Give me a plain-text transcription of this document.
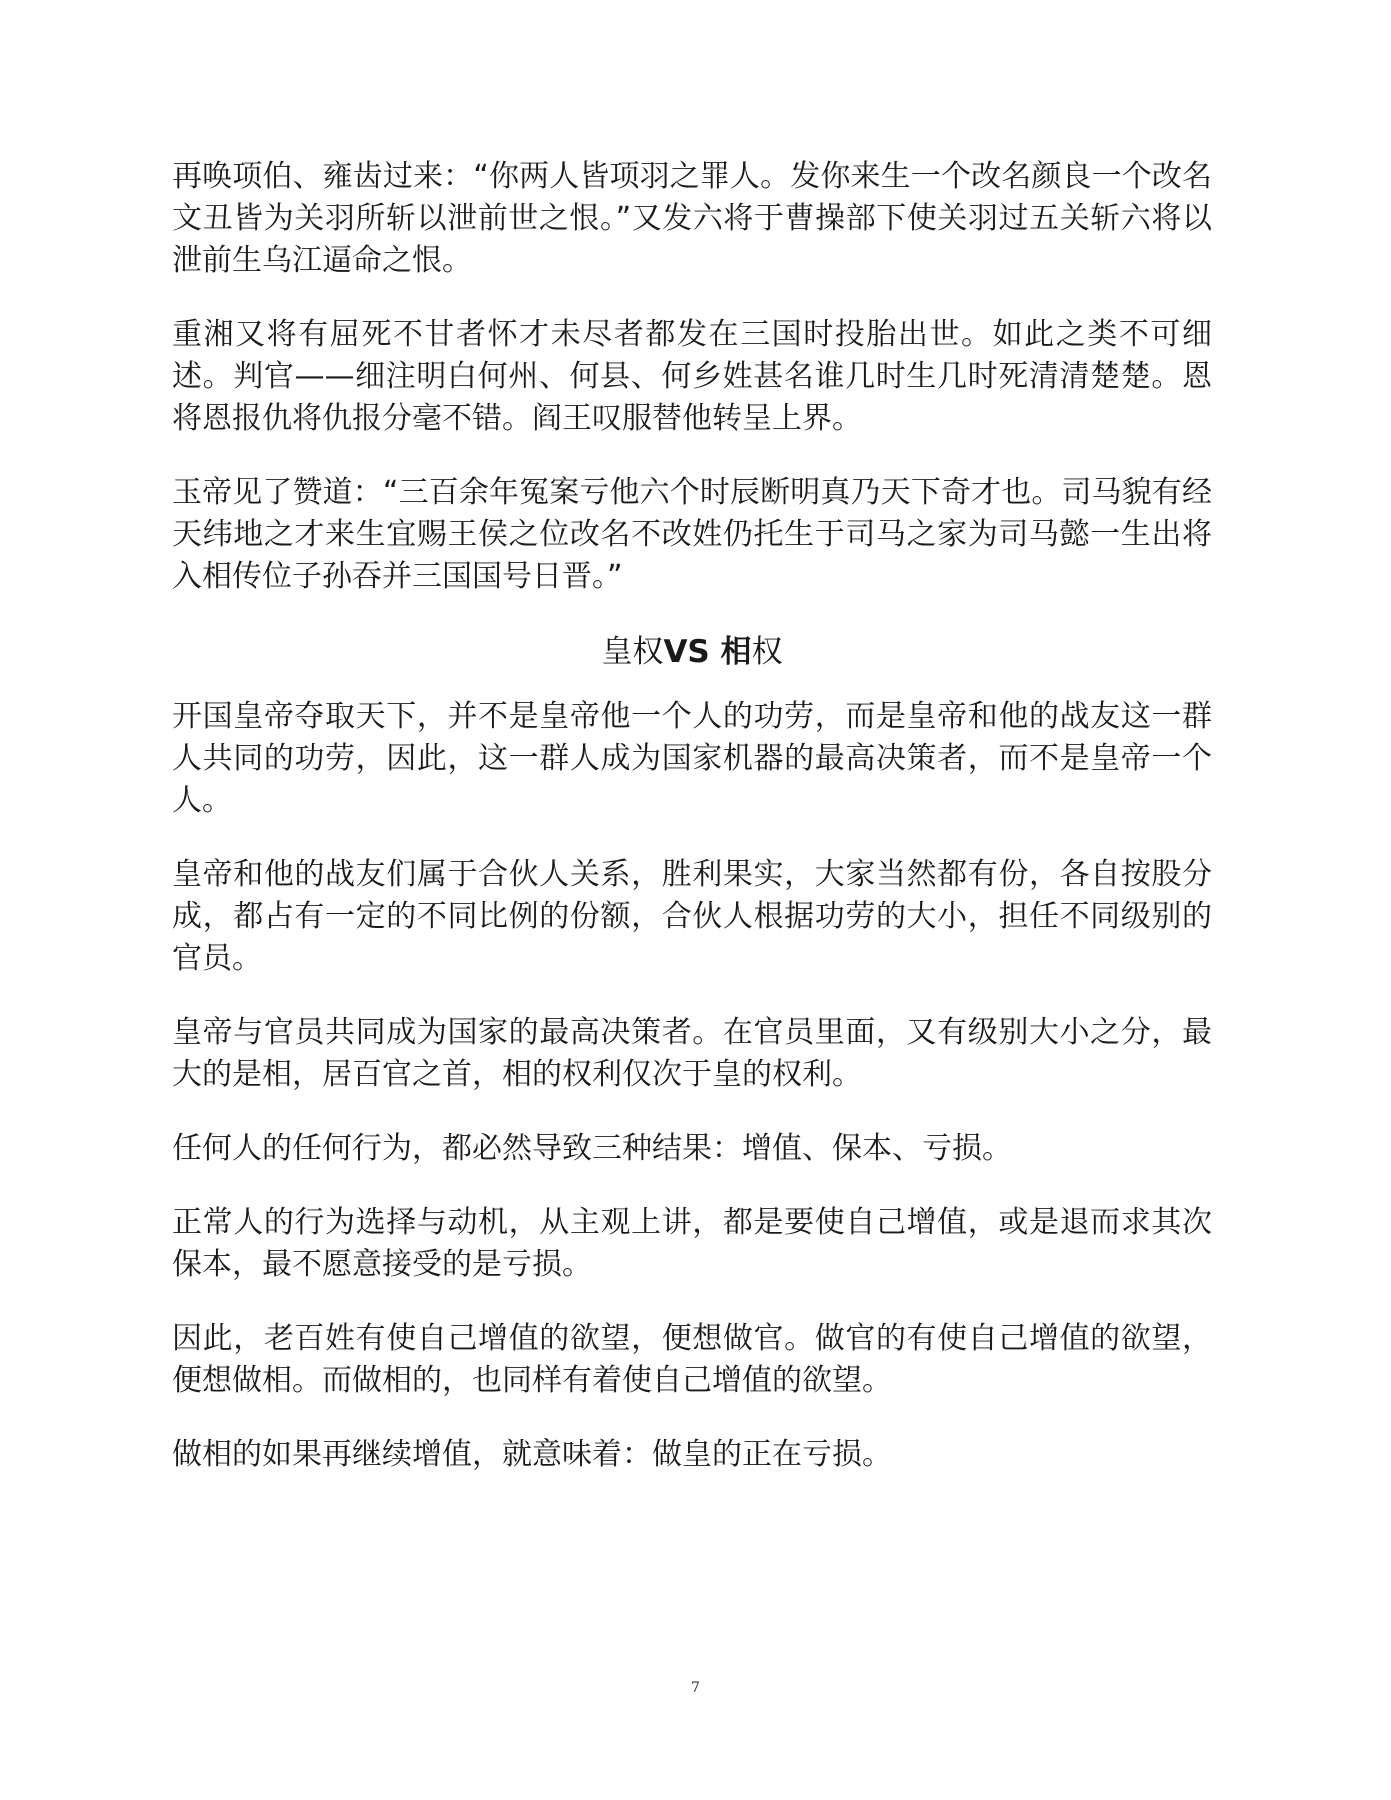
再唤项伯、雍齿过来：“你两人皆项羽之罪人。发你来生一个改名颜良一个改名文丑皆为关羽所斩以泄前世之恨。”又发六将于曹操部下使关羽过五关斩六将以泄前生乌江逼命之恨。

重湘又将有屈死不甘者怀才未尽者都发在三国时投胎出世。如此之类不可细述。判官——细注明白何州、何县、何乡姓甚名谁几时生几时死清清楚楚。恩将恩报仇将仇报分毫不错。阎王叹服替他转呈上界。

玉帝见了赞道：“三百余年冤案亏他六个时辰断明真乃天下奇才也。司马貌有经天纬地之才来生宜赐王侯之位改名不改姓仍托生于司马之家为司马懿一生出将入相传位子孙吞并三国国号日晋。”

皇权VS 相权

开国皇帝夺取天下，并不是皇帝他一个人的功劳，而是皇帝和他的战友这一群人共同的功劳，因此，这一群人成为国家机器的最高决策者，而不是皇帝一个人。

皇帝和他的战友们属于合伙人关系，胜利果实，大家当然都有份，各自按股分成，都占有一定的不同比例的份额，合伙人根据功劳的大小，担任不同级别的官员。

皇帝与官员共同成为国家的最高决策者。在官员里面，又有级别大小之分，最大的是相，居百官之首，相的权利仅次于皇的权利。

任何人的任何行为，都必然导致三种结果：增值、保本、亏损。

正常人的行为选择与动机，从主观上讲，都是要使自己增值，或是退而求其次保本，最不愿意接受的是亏损。

因此，老百姓有使自己增值的欲望，便想做官。做官的有使自己增值的欲望，便想做相。而做相的，也同样有着使自己增值的欲望。

做相的如果再继续增值，就意味着：做皇的正在亏损。

7
